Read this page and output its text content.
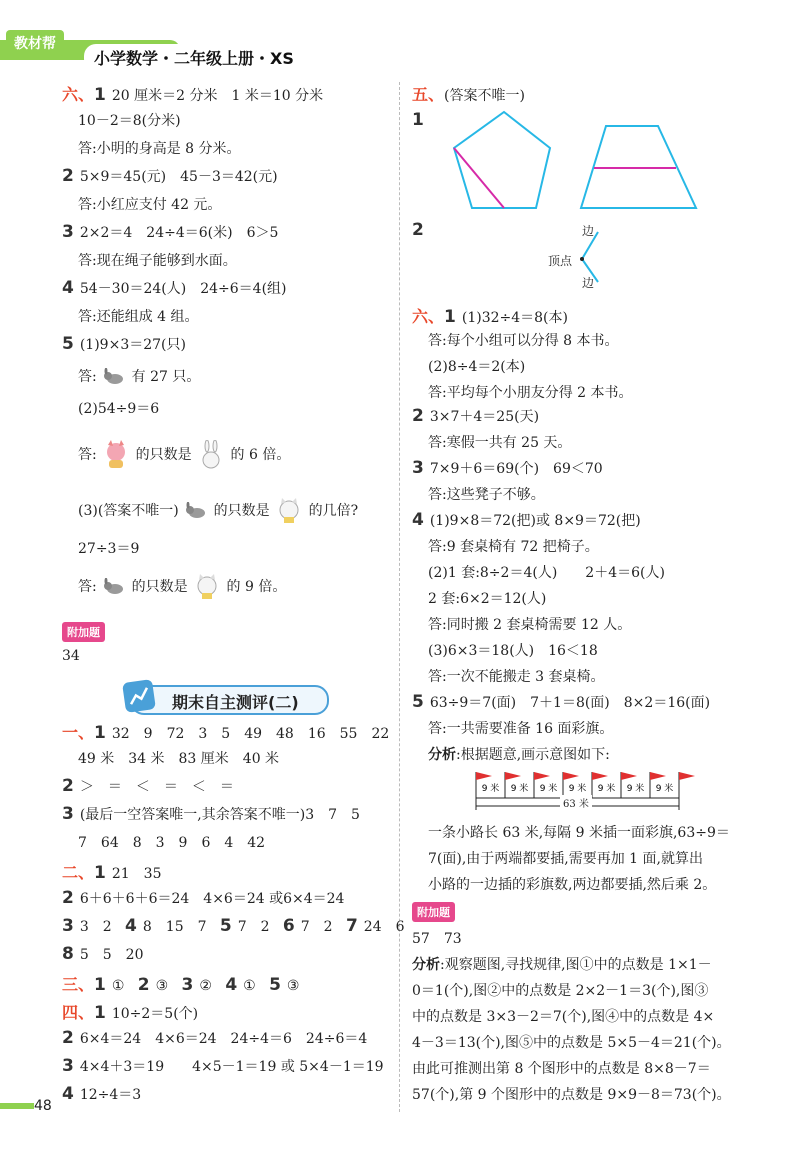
教材帮
小学数学・二年级上册・XS
六、1 20 厘米＝2 分米　1 米＝10 分米
10－2＝8(分米)
答:小明的身高是 8 分米。
2 5×9＝45(元)　45－3＝42(元)
答:小红应支付 42 元。
3 2×2＝4　24÷4＝6(米)　6＞5
答:现在绳子能够到水面。
4 54－30＝24(人)　24÷6＝4(组)
答:还能组成 4 组。
5 (1)9×3＝27(只)
答: 有 27 只。
(2)54÷9＝6
答:	的只数是	的 6 倍。
(3)(答案不唯一) 的只数是	的几倍?
27÷3＝9
答: 的只数是	的 9 倍。
附加题
34
期末自主测评(二)
一、1 32　9　72　3　5　49　48　16　55　22
49 米　34 米　83 厘米　40 米
2 ＞　＝　＜　＝　＜　＝
3 (最后一空答案唯一,其余答案不唯一)3　7　5
7　64　8　3　9　6　4　42
二、1 21　35
2 6＋6＋6＋6＝24　4×6＝24 或6×4＝24
3 3　2 4 8　15　7 5 7　2 6 7　2 7 24　6
8 5　5　20
三、1 ① 2 ③ 3 ② 4 ① 5 ③
四、1 10÷2＝5(个)
2 6×4＝24　4×6＝24　24÷4＝6　24÷6＝4
3 4×4＋3＝19　　4×5－1＝19 或 5×4－1＝19
4 12÷4＝3
五、(答案不唯一)
1
2	边
顶点
边
六、1 (1)32÷4＝8(本)
答:每个小组可以分得 8 本书。
(2)8÷4＝2(本)
答:平均每个小朋友分得 2 本书。
2 3×7＋4＝25(天)
答:寒假一共有 25 天。
3 7×9＋6＝69(个)　69＜70
答:这些凳子不够。
4 (1)9×8＝72(把)或 8×9＝72(把)
答:9 套桌椅有 72 把椅子。
(2)1 套:8÷2＝4(人)　　2＋4＝6(人)
2 套:6×2＝12(人)
答:同时搬 2 套桌椅需要 12 人。
(3)6×3＝18(人)　16＜18
答:一次不能搬走 3 套桌椅。
5 63÷9＝7(面)　7＋1＝8(面)　8×2＝16(面)
答:一共需要准备 16 面彩旗。
分析:根据题意,画示意图如下:
9 米 9 米 9 米 9 米 9 米 9 米 9 米
63 米
一条小路长 63 米,每隔 9 米插一面彩旗,63÷9＝
7(面),由于两端都要插,需要再加 1 面,就算出
小路的一边插的彩旗数,两边都要插,然后乘 2。
附加题
57　73
分析:观察题图,寻找规律,图①中的点数是 1×1－
0＝1(个),图②中的点数是 2×2－1＝3(个),图③
中的点数是 3×3－2＝7(个),图④中的点数是 4×
4－3＝13(个),图⑤中的点数是 5×5－4＝21(个)。
由此可推测出第 8 个图形中的点数是 8×8－7＝
57(个),第 9 个图形中的点数是 9×9－8＝73(个)。
48
